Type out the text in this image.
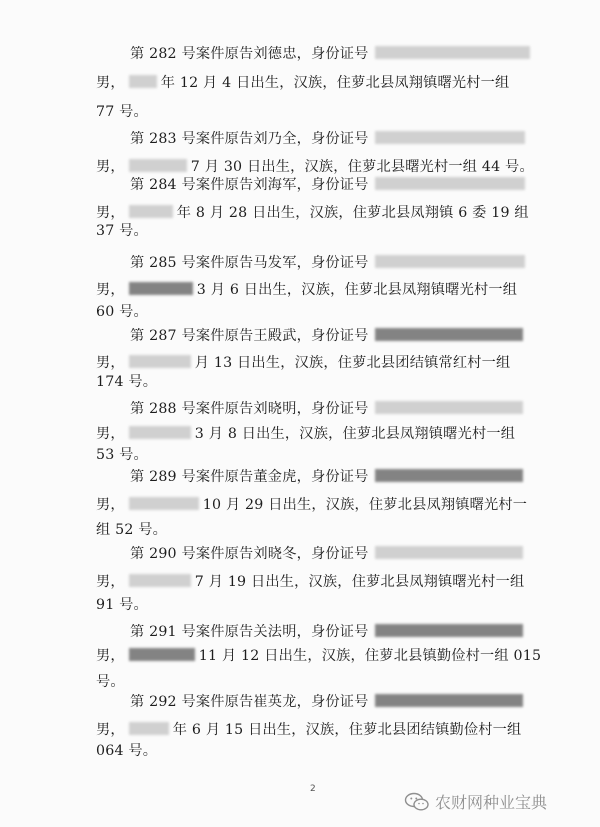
第 282 号案件原告刘德忠，身份证号
男，	年 12 月 4 日出生，汉族，住萝北县凤翔镇曙光村一组
77 号。
第 283 号案件原告刘乃全，身份证号
男，	7 月 30 日出生，汉族，住萝北县曙光村一组 44 号。
第 284 号案件原告刘海军，身份证号
男，	年 8 月 28 日出生，汉族，住萝北县凤翔镇 6 委 19 组
37 号。
第 285 号案件原告马发军，身份证号
男，	3 月 6 日出生，汉族，住萝北县凤翔镇曙光村一组
60 号。
第 287 号案件原告王殿武，身份证号
男，	月 13 日出生，汉族，住萝北县团结镇常红村一组
174 号。
第 288 号案件原告刘晓明，身份证号
男，	3 月 8 日出生，汉族，住萝北县凤翔镇曙光村一组
53 号。
第 289 号案件原告董金虎，身份证号
男，	10 月 29 日出生，汉族，住萝北县凤翔镇曙光村一
组 52 号。
第 290 号案件原告刘晓冬，身份证号
男，	7 月 19 日出生，汉族，住萝北县凤翔镇曙光村一组
91 号。
第 291 号案件原告关法明，身份证号
男，	11 月 12 日出生，汉族，住萝北县镇勤俭村一组 015
号。
第 292 号案件原告崔英龙，身份证号
男，	年 6 月 15 日出生，汉族，住萝北县团结镇勤俭村一组
064 号。
2
农财网种业宝典
